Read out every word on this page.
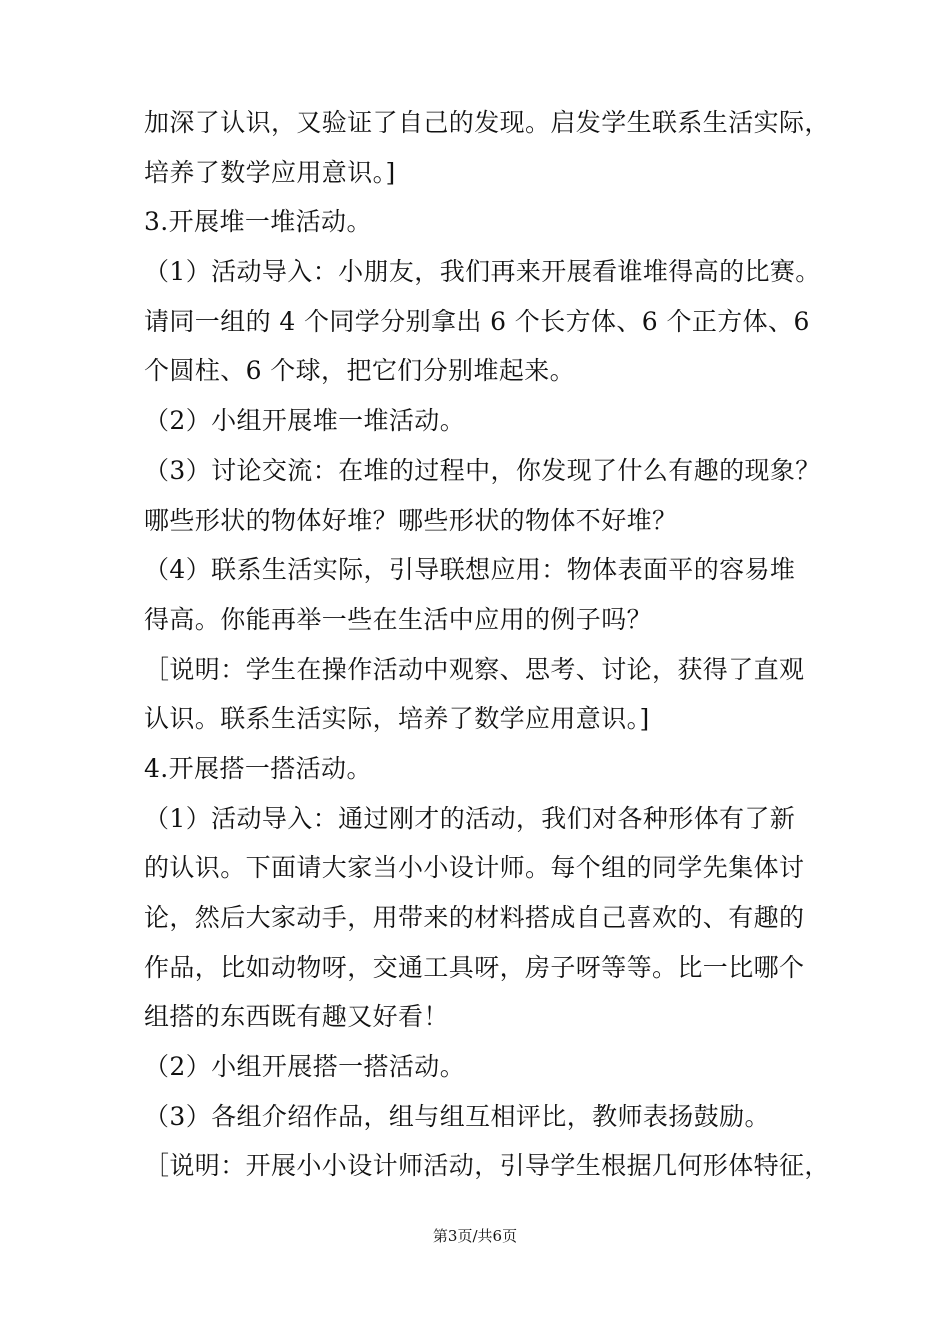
加深了认识，又验证了自己的发现。启发学生联系生活实际，
培养了数学应用意识。]
3.开展堆一堆活动。
（1）活动导入：小朋友，我们再来开展看谁堆得高的比赛。
请同一组的 4 个同学分别拿出 6 个长方体、6 个正方体、6
个圆柱、6 个球，把它们分别堆起来。
（2）小组开展堆一堆活动。
（3）讨论交流：在堆的过程中，你发现了什么有趣的现象？
哪些形状的物体好堆？哪些形状的物体不好堆？
（4）联系生活实际，引导联想应用：物体表面平的容易堆
得高。你能再举一些在生活中应用的例子吗？
［说明：学生在操作活动中观察、思考、讨论，获得了直观
认识。联系生活实际，培养了数学应用意识。]
4.开展搭一搭活动。
（1）活动导入：通过刚才的活动，我们对各种形体有了新
的认识。下面请大家当小小设计师。每个组的同学先集体讨
论，然后大家动手，用带来的材料搭成自己喜欢的、有趣的
作品，比如动物呀，交通工具呀，房子呀等等。比一比哪个
组搭的东西既有趣又好看！
（2）小组开展搭一搭活动。
（3）各组介绍作品，组与组互相评比，教师表扬鼓励。
［说明：开展小小设计师活动，引导学生根据几何形体特征，
第3页/共6页
